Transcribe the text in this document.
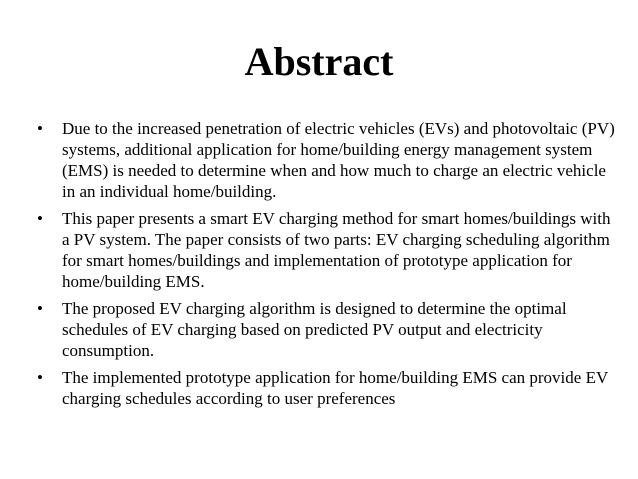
Abstract
• Due to the increased penetration of electric vehicles (EVs) and photovoltaic (PV) systems, additional application for home/building energy management system (EMS) is needed to determine when and how much to charge an electric vehicle in an individual home/building.
• This paper presents a smart EV charging method for smart homes/buildings with a PV system. The paper consists of two parts: EV charging scheduling algorithm for smart homes/buildings and implementation of prototype application for home/building EMS.
• The proposed EV charging algorithm is designed to determine the optimal schedules of EV charging based on predicted PV output and electricity consumption.
• The implemented prototype application for home/building EMS can provide EV charging schedules according to user preferences
